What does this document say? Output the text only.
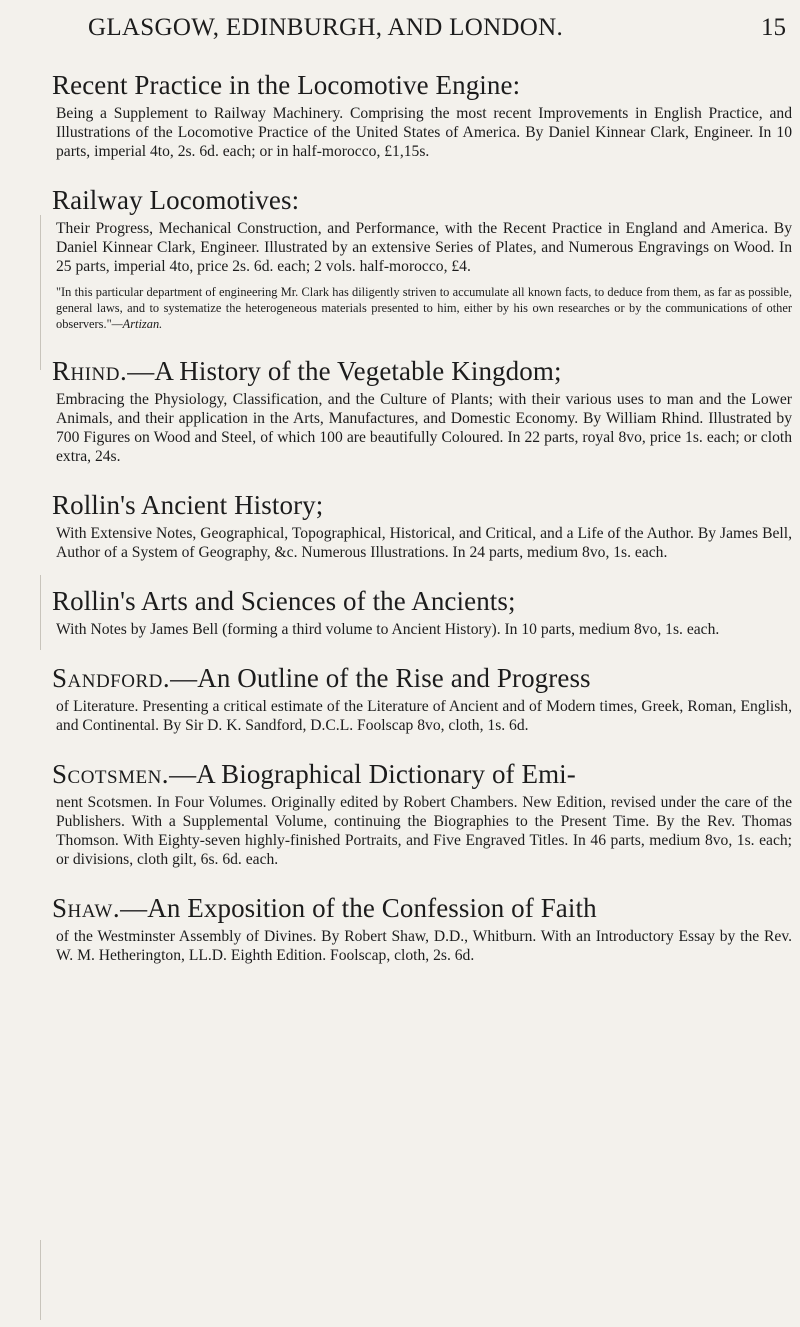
GLASGOW, EDINBURGH, AND LONDON.	15
Recent Practice in the Locomotive Engine:

Being a Supplement to Railway Machinery. Comprising the most recent Improvements in English Practice, and Illustrations of the Locomotive Practice of the United States of America. By Daniel Kinnear Clark, Engineer. In 10 parts, imperial 4to, 2s. 6d. each; or in half-morocco, £1,15s.

Railway Locomotives:

Their Progress, Mechanical Construction, and Performance, with the Recent Practice in England and America. By Daniel Kinnear Clark, Engineer. Illustrated by an extensive Series of Plates, and Numerous Engravings on Wood. In 25 parts, imperial 4to, price 2s. 6d. each; 2 vols. half-morocco, £4.

"In this particular department of engineering Mr. Clark has diligently striven to accumulate all known facts, to deduce from them, as far as possible, general laws, and to systematize the heterogeneous materials presented to him, either by his own researches or by the communications of other observers."—Artizan.

Rhind.—A History of the Vegetable Kingdom;

Embracing the Physiology, Classification, and the Culture of Plants; with their various uses to man and the Lower Animals, and their application in the Arts, Manufactures, and Domestic Economy. By William Rhind. Illustrated by 700 Figures on Wood and Steel, of which 100 are beautifully Coloured. In 22 parts, royal 8vo, price 1s. each; or cloth extra, 24s.

Rollin's Ancient History;

With Extensive Notes, Geographical, Topographical, Historical, and Critical, and a Life of the Author. By James Bell, Author of a System of Geography, &c. Numerous Illustrations. In 24 parts, medium 8vo, 1s. each.

Rollin's Arts and Sciences of the Ancients;

With Notes by James Bell (forming a third volume to Ancient History). In 10 parts, medium 8vo, 1s. each.

Sandford.—An Outline of the Rise and Progress

of Literature. Presenting a critical estimate of the Literature of Ancient and of Modern times, Greek, Roman, English, and Continental. By Sir D. K. Sandford, D.C.L. Foolscap 8vo, cloth, 1s. 6d.

Scotsmen.—A Biographical Dictionary of Emi-

nent Scotsmen. In Four Volumes. Originally edited by Robert Chambers. New Edition, revised under the care of the Publishers. With a Supplemental Volume, continuing the Biographies to the Present Time. By the Rev. Thomas Thomson. With Eighty-seven highly-finished Portraits, and Five Engraved Titles. In 46 parts, medium 8vo, 1s. each; or divisions, cloth gilt, 6s. 6d. each.

Shaw.—An Exposition of the Confession of Faith

of the Westminster Assembly of Divines. By Robert Shaw, D.D., Whitburn. With an Introductory Essay by the Rev. W. M. Hetherington, LL.D. Eighth Edition. Foolscap, cloth, 2s. 6d.
